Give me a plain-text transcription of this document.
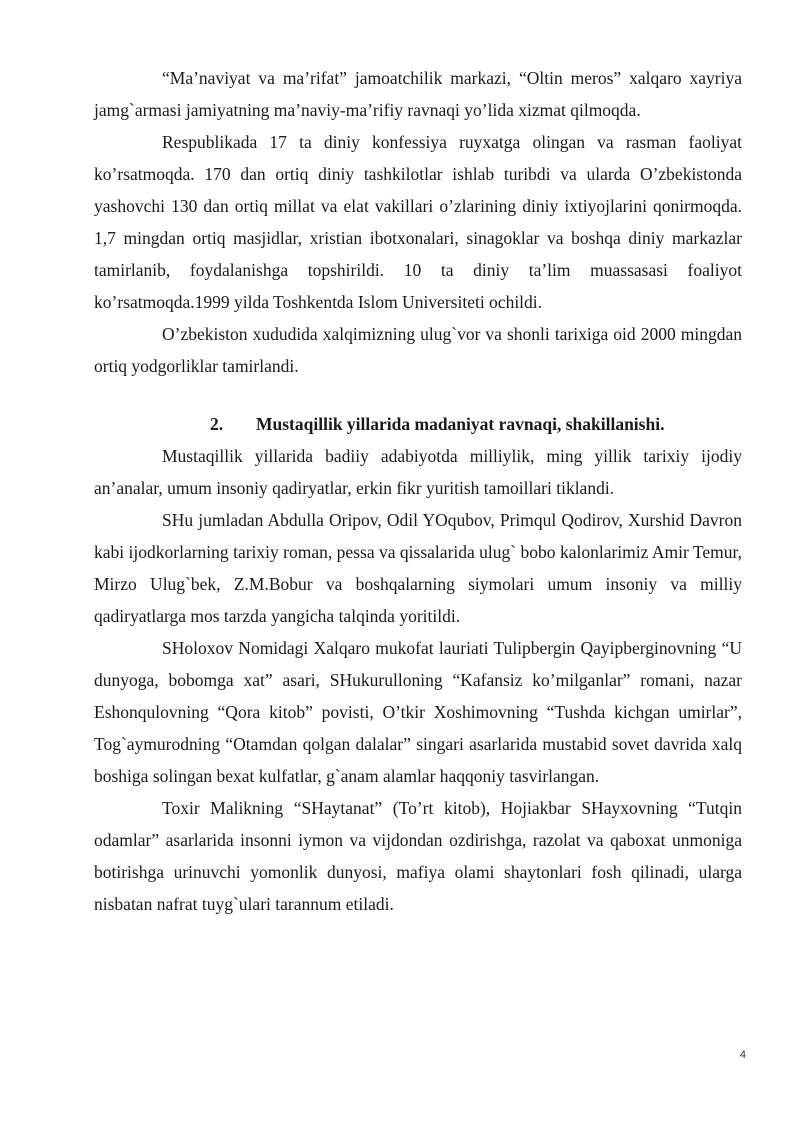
“Ma’naviyat va ma’rifat” jamoatchilik markazi, “Oltin meros” xalqaro xayriya jamg`armasi jamiyatning ma’naviy-ma’rifiy ravnaqi yo’lida xizmat qilmoqda.

Respublikada 17 ta diniy konfessiya ruyxatga olingan va rasman faoliyat ko’rsatmoqda. 170 dan ortiq diniy tashkilotlar ishlab turibdi va ularda O’zbekistonda yashovchi 130 dan ortiq millat va elat vakillari o’zlarining diniy ixtiyojlarini qonirmoqda. 1,7 mingdan ortiq masjidlar, xristian ibotxonalari, sinagoklar va boshqa diniy markazlar tamirlanib, foydalanishga topshirildi. 10 ta diniy ta’lim muassasasi foaliyot ko’rsatmoqda.1999 yilda Toshkentda Islom Universiteti ochildi.

O’zbekiston xududida xalqimizning ulug`vor va shonli tarixiga oid 2000 mingdan ortiq yodgorliklar tamirlandi.

2. Mustaqillik yillarida madaniyat ravnaqi, shakillanishi.

Mustaqillik yillarida badiiy adabiyotda milliylik, ming yillik tarixiy ijodiy an’analar, umum insoniy qadiryatlar, erkin fikr yuritish tamoillari tiklandi.

SHu jumladan Abdulla Oripov, Odil YOqubov, Primqul Qodirov, Xurshid Davron kabi ijodkorlarning tarixiy roman, pessa va qissalarida ulug` bobo kalonlarimiz Amir Temur, Mirzo Ulug`bek, Z.M.Bobur va boshqalarning siymolari umum insoniy va milliy qadiryatlarga mos tarzda yangicha talqinda yoritildi.

SHoloxov Nomidagi Xalqaro mukofat lauriati Tulipbergin Qayipberginovning “U dunyoga, bobomga xat” asari, SHukurulloning “Kafansiz ko’milganlar” romani, nazar Eshonqulovning “Qora kitob” povisti, O’tkir Xoshimovning “Tushda kichgan umirlar”, Tog`aymurodning “Otamdan qolgan dalalar” singari asarlarida mustabid sovet davrida xalq boshiga solingan bexat kulfatlar, g`anam alamlar haqqoniy tasvirlangan.

Toxir Malikning “SHaytanat” (To’rt kitob), Hojiakbar SHayxovning “Tutqin odamlar” asarlarida insonni iymon va vijdondan ozdirishga, razolat va qaboxat unmoniga botirishga urinuvchi yomonlik dunyosi, mafiya olami shaytonlari fosh qilinadi, ularga nisbatan nafrat tuyg`ulari tarannum etiladi.

4
